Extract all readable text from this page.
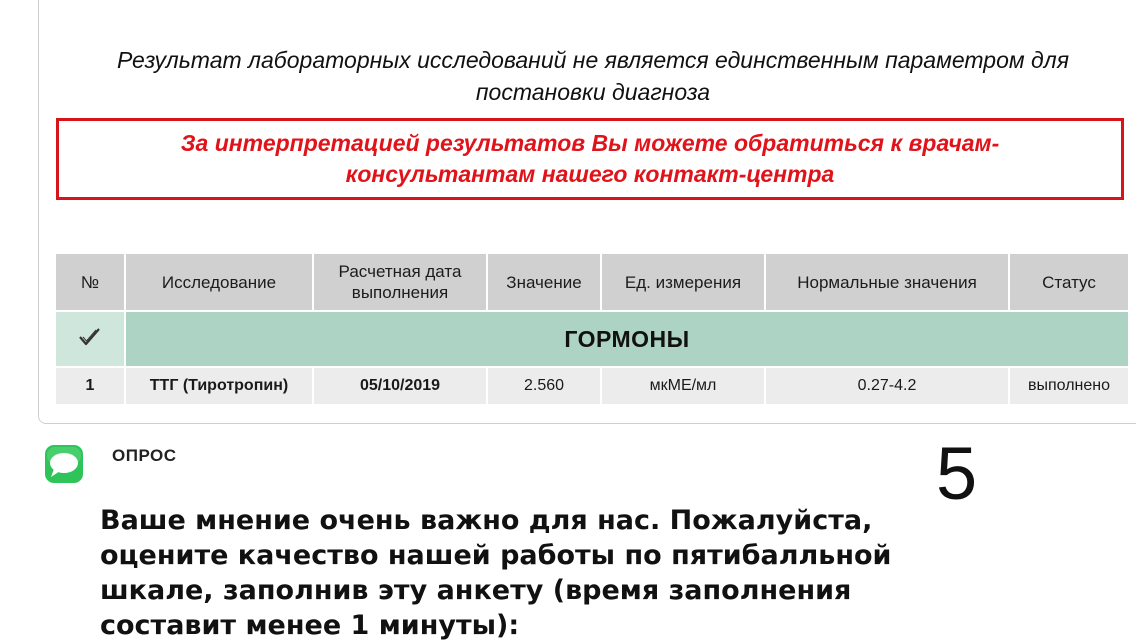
Результат лабораторных исследований не является единственным параметром для постановки диагноза
За интерпретацией результатов Вы можете обратиться к врачам-консультантам нашего контакт-центра
№	Исследование	Расчетная дата выполнения	Значение	Ед. измерения	Нормальные значения	Статус
	ГОРМОНЫ					
1	ТТГ (Тиротропин)	05/10/2019	2.560	мкМЕ/мл	0.27-4.2	выполнено
ОПРОС	5
Ваше мнение очень важно для нас. Пожалуйста, оцените качество нашей работы по пятибалльной шкале, заполнив эту анкету (время заполнения составит менее 1 минуты):
